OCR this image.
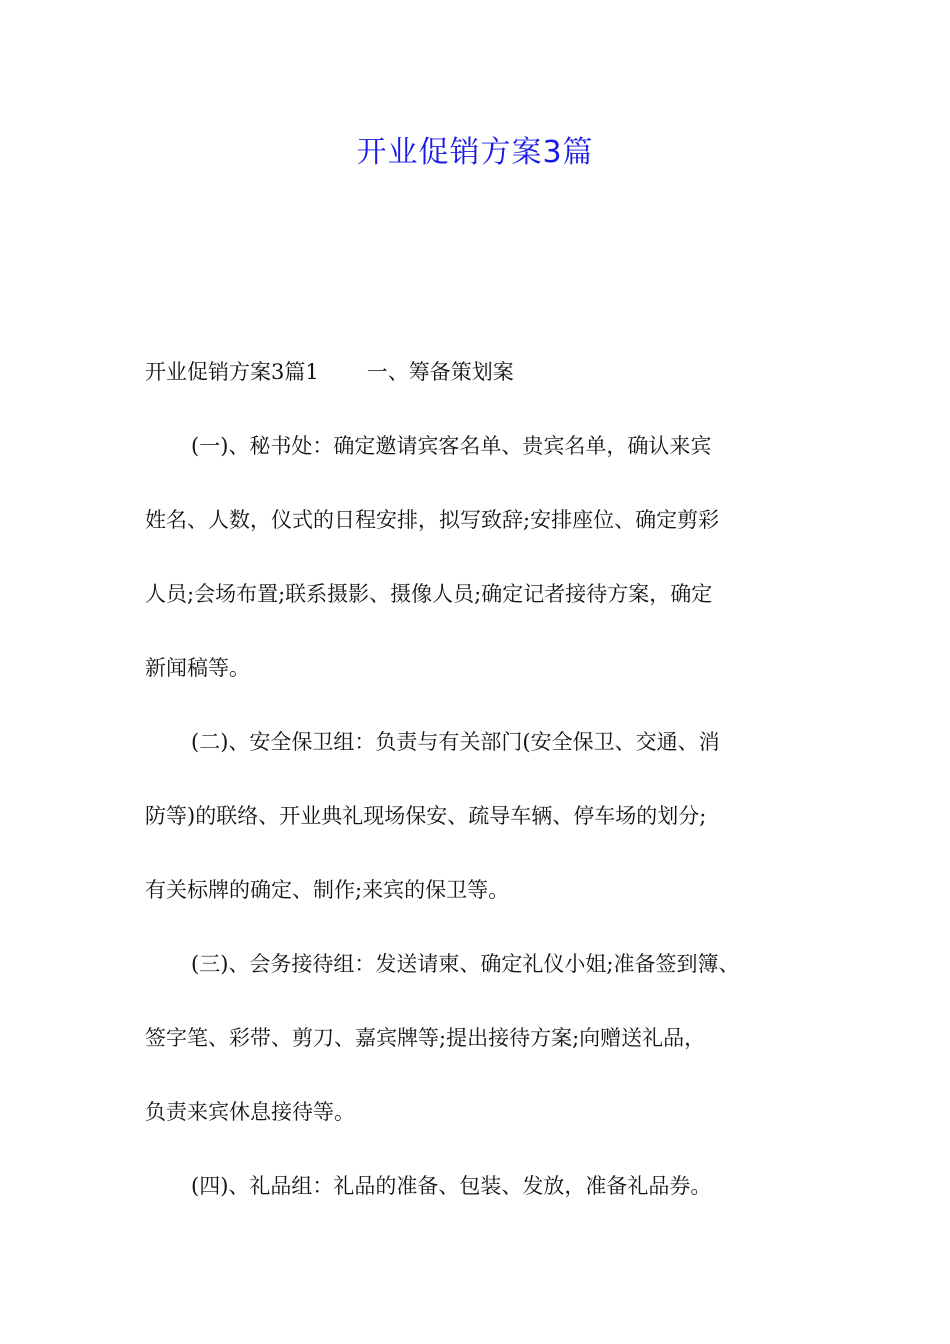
开业促销方案3篇
开业促销方案3篇1 一、筹备策划案
(一)、秘书处：确定邀请宾客名单、贵宾名单，确认来宾
姓名、人数，仪式的日程安排，拟写致辞;安排座位、确定剪彩
人员;会场布置;联系摄影、摄像人员;确定记者接待方案，确定
新闻稿等。
(二)、安全保卫组：负责与有关部门(安全保卫、交通、消
防等)的联络、开业典礼现场保安、疏导车辆、停车场的划分;
有关标牌的确定、制作;来宾的保卫等。
(三)、会务接待组：发送请柬、确定礼仪小姐;准备签到簿、
签字笔、彩带、剪刀、嘉宾牌等;提出接待方案;向赠送礼品，
负责来宾休息接待等。
(四)、礼品组：礼品的准备、包装、发放，准备礼品券。
